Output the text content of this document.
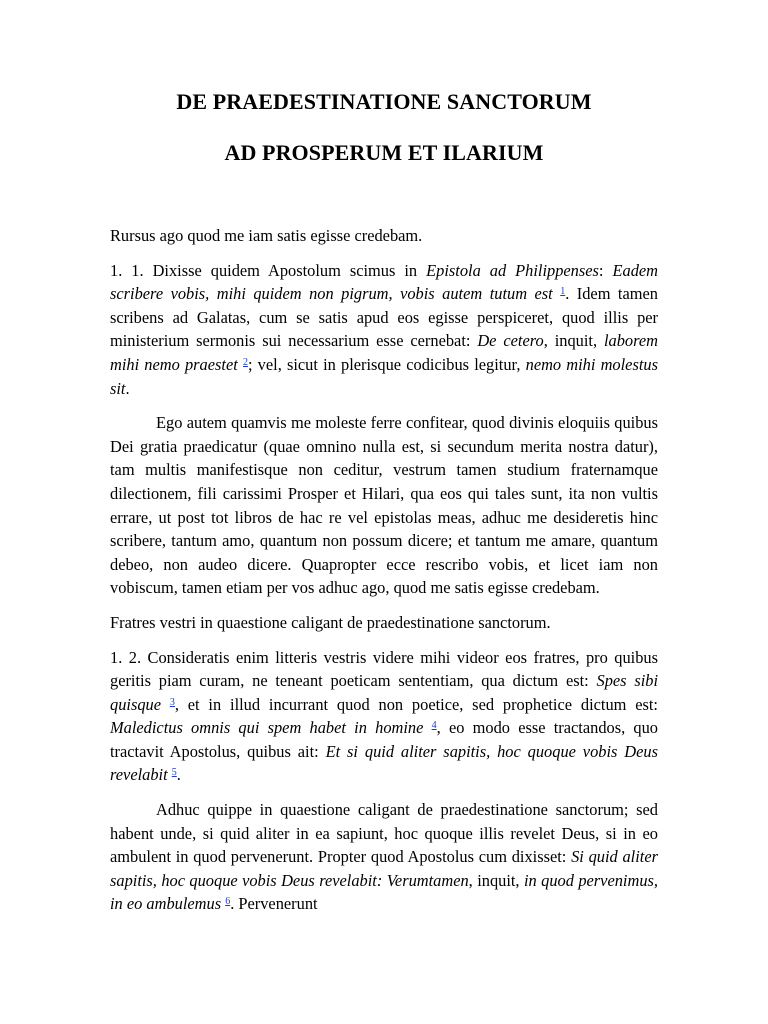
DE PRAEDESTINATIONE SANCTORUM
AD PROSPERUM ET ILARIUM

Rursus ago quod me iam satis egisse credebam.

1. 1. Dixisse quidem Apostolum scimus in Epistola ad Philippenses: Eadem scribere vobis, mihi quidem non pigrum, vobis autem tutum est $^1$. Idem tamen scribens ad Galatas, cum se satis apud eos egisse perspiceret, quod illis per ministerium sermonis sui necessarium esse cernebat: De cetero, inquit, laborem mihi nemo praestet $^2$; vel, sicut in plerisque codicibus legitur, nemo mihi molestus sit.

Ego autem quamvis me moleste ferre confitear, quod divinis eloquiis quibus Dei gratia praedicatur (quae omnino nulla est, si secundum merita nostra datur), tam multis manifestisque non ceditur, vestrum tamen studium fraternamque dilectionem, fili carissimi Prosper et Hilari, qua eos qui tales sunt, ita non vultis errare, ut post tot libros de hac re vel epistolas meas, adhuc me desideretis hinc scribere, tantum amo, quantum non possum dicere; et tantum me amare, quantum debeo, non audeo dicere. Quapropter ecce rescribo vobis, et licet iam non vobiscum, tamen etiam per vos adhuc ago, quod me satis egisse credebam.

Fratres vestri in quaestione caligant de praedestinatione sanctorum.

1. 2. Consideratis enim litteris vestris videre mihi videor eos fratres, pro quibus geritis piam curam, ne teneant poeticam sententiam, qua dictum est: Spes sibi quisque $^3$, et in illud incurrant quod non poetice, sed prophetice dictum est: Maledictus omnis qui spem habet in homine $^4$, eo modo esse tractandos, quo tractavit Apostolus, quibus ait: Et si quid aliter sapitis, hoc quoque vobis Deus revelabit $^5$.

Adhuc quippe in quaestione caligant de praedestinatione sanctorum; sed habent unde, si quid aliter in ea sapiunt, hoc quoque illis revelet Deus, si in eo ambulent in quod pervenerunt. Propter quod Apostolus cum dixisset: Si quid aliter sapitis, hoc quoque vobis Deus revelabit: Verumtamen, inquit, in quod pervenimus, in eo ambulemus $^6$. Pervenerunt
